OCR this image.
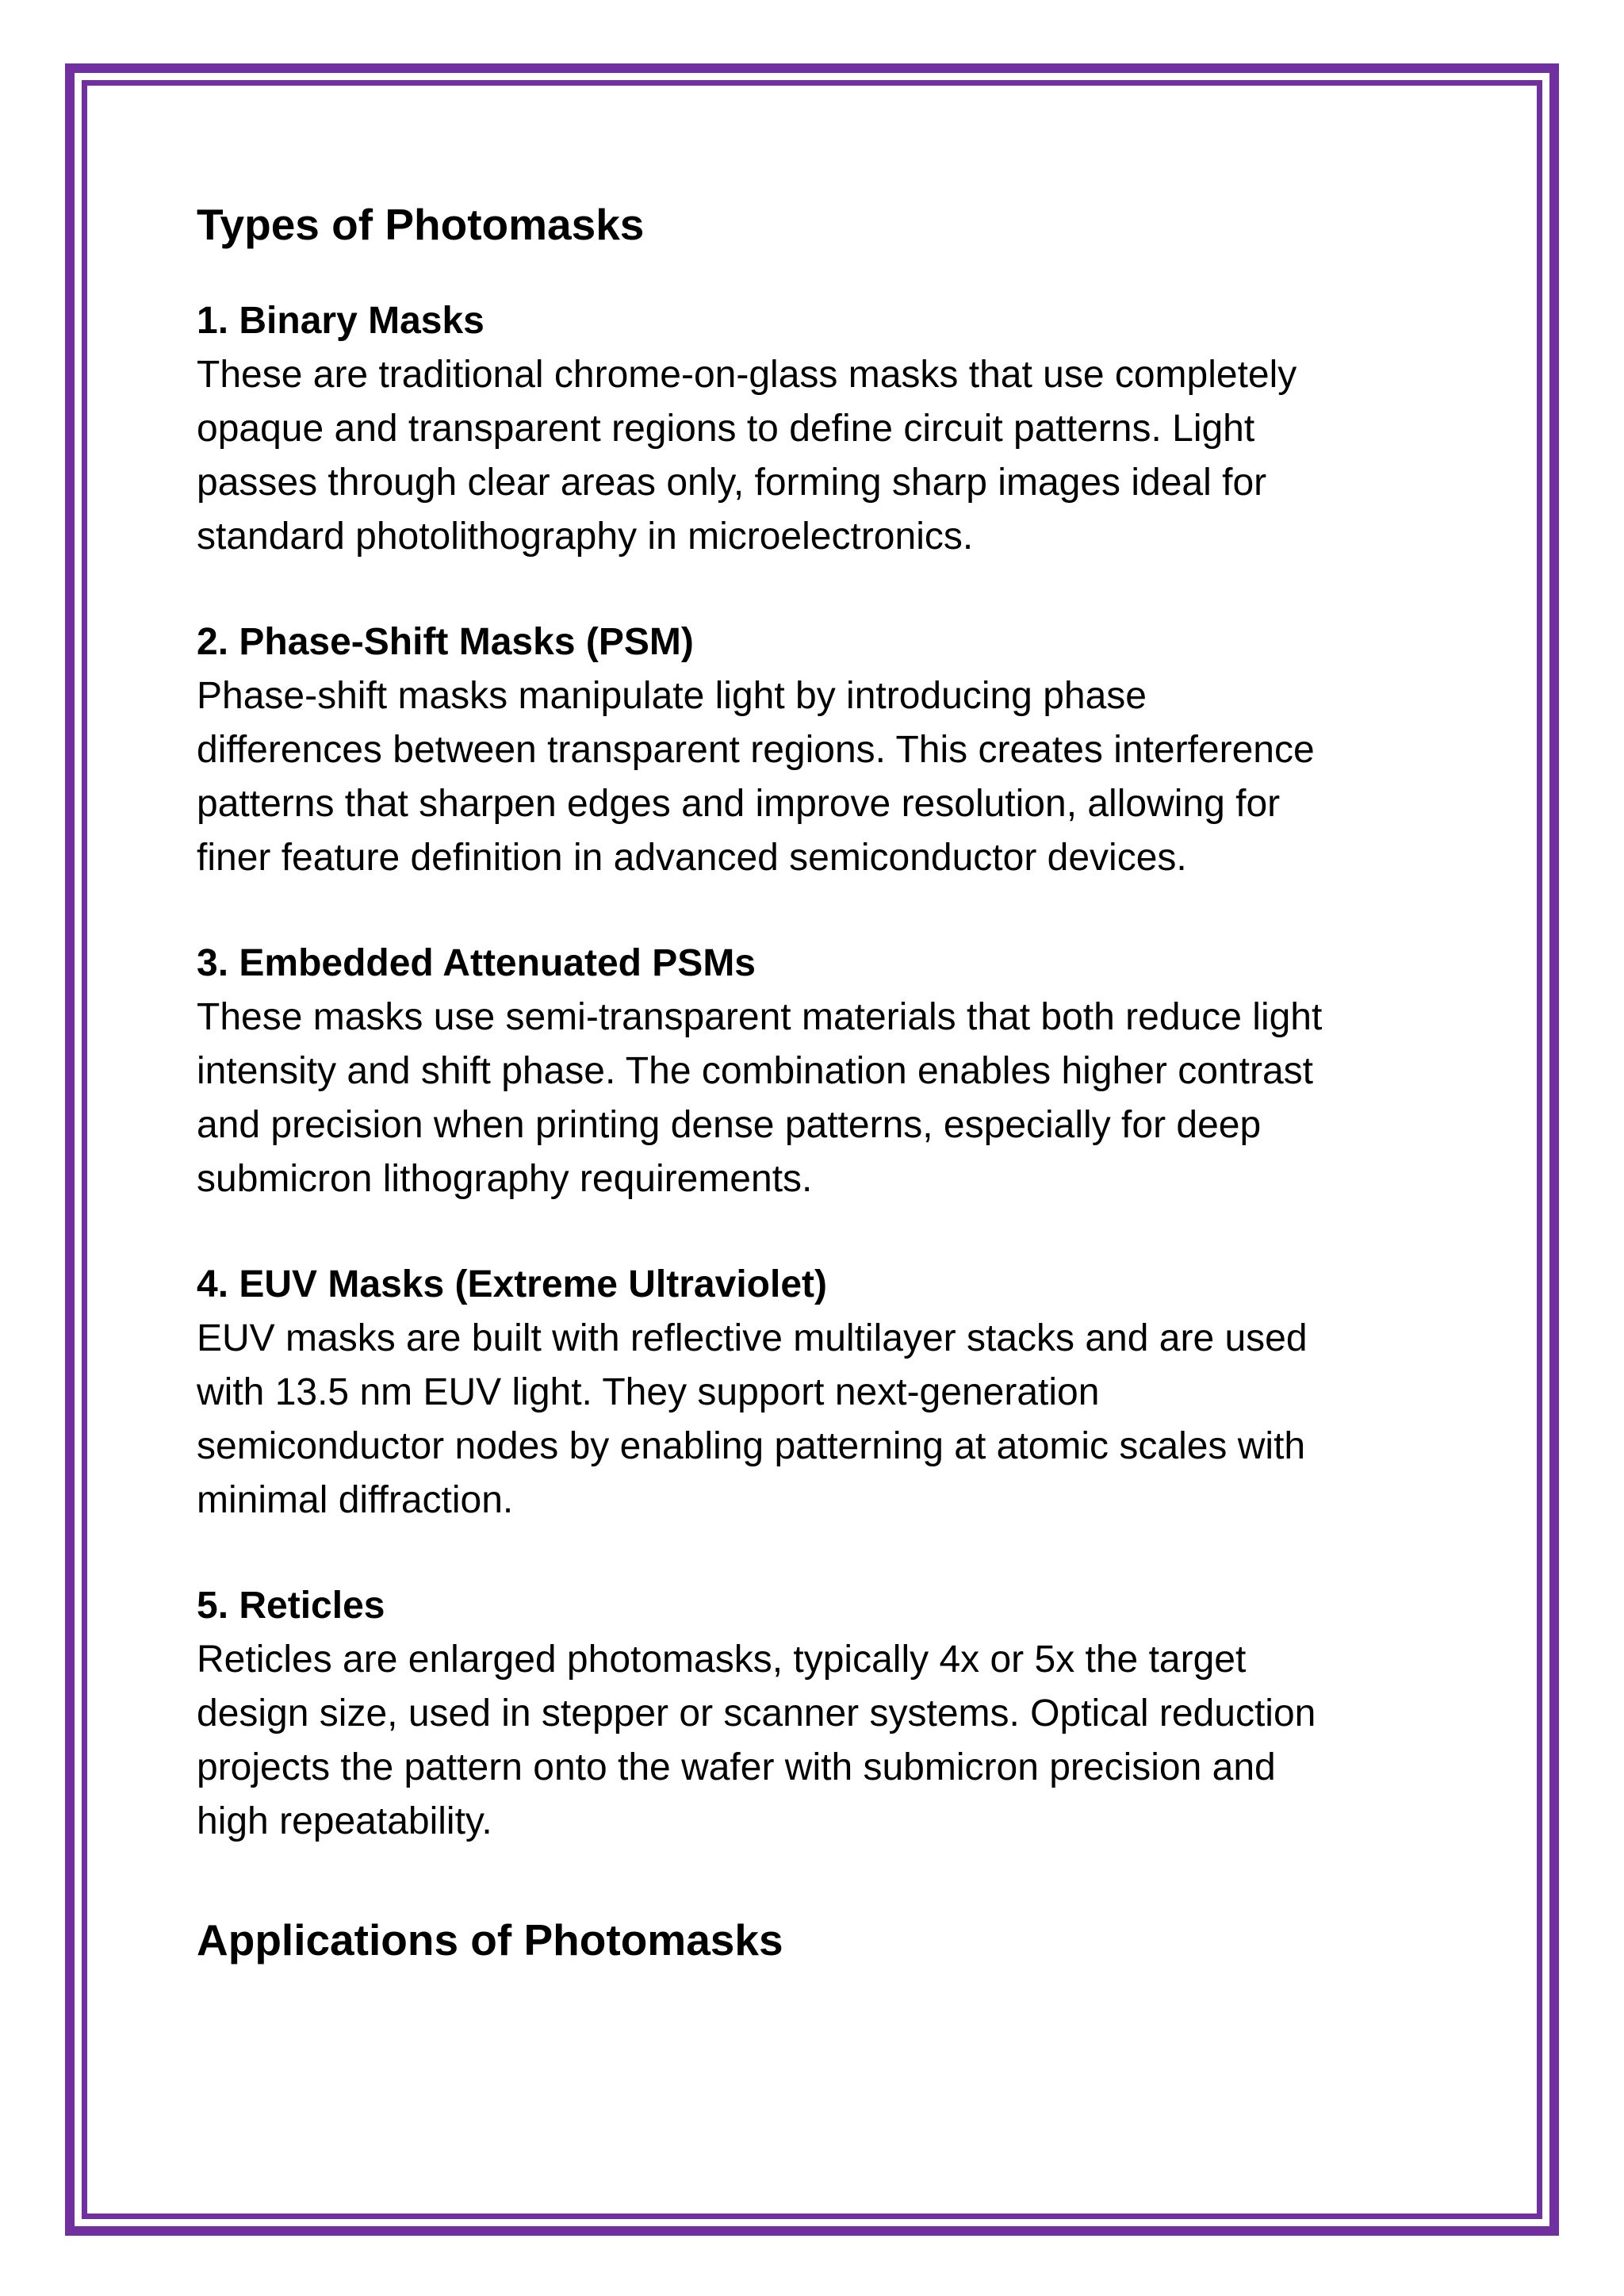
Types of Photomasks

1. Binary Masks

These are traditional chrome-on-glass masks that use completely
opaque and transparent regions to define circuit patterns. Light
passes through clear areas only, forming sharp images ideal for
standard photolithography in microelectronics.

2. Phase-Shift Masks (PSM)

Phase-shift masks manipulate light by introducing phase
differences between transparent regions. This creates interference
patterns that sharpen edges and improve resolution, allowing for
finer feature definition in advanced semiconductor devices.

3. Embedded Attenuated PSMs

These masks use semi-transparent materials that both reduce light
intensity and shift phase. The combination enables higher contrast
and precision when printing dense patterns, especially for deep
submicron lithography requirements.

4. EUV Masks (Extreme Ultraviolet)

EUV masks are built with reflective multilayer stacks and are used
with 13.5 nm EUV light. They support next-generation
semiconductor nodes by enabling patterning at atomic scales with
minimal diffraction.

5. Reticles

Reticles are enlarged photomasks, typically 4x or 5x the target
design size, used in stepper or scanner systems. Optical reduction
projects the pattern onto the wafer with submicron precision and
high repeatability.

Applications of Photomasks
